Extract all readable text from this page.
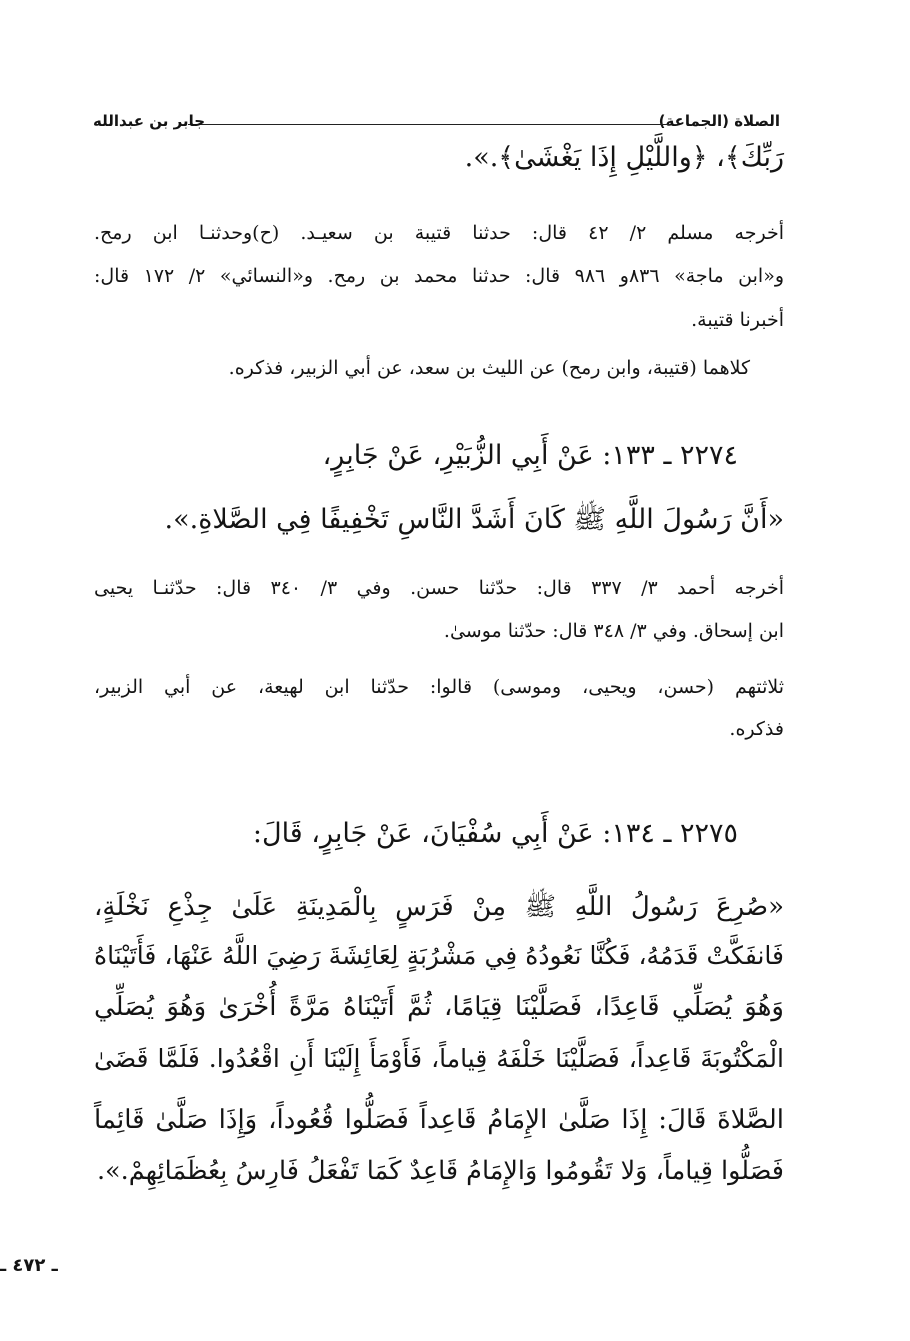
الصلاة (الجماعة)
جابر بن عبدالله
رَبِّكَ﴾، ﴿واللَّيْلِ إِذَا يَغْشَىٰ﴾.».
أخرجه مسلم ٢/ ٤٢ قال: حدثنا قتيبة بن سعيـد. (ح)وحدثنـا ابن رمح.
و«ابن ماجة» ٨٣٦و ٩٨٦ قال: حدثنا محمد بن رمح. و«النسائي» ٢/ ١٧٢ قال:
أخبرنا قتيبة.
كلاهما (قتيبة، وابن رمح) عن الليث بن سعد، عن أبي الزبير، فذكره.
٢٢٧٤ ـ ١٣٣: عَنْ أَبِي الزُّبَيْرِ، عَنْ جَابِرٍ،
«أَنَّ رَسُولَ اللَّهِ ﷺ كَانَ أَشَدَّ النَّاسِ تَخْفِيفًا فِي الصَّلاةِ.».
أخرجه أحمد ٣/ ٣٣٧ قال: حدّثنا حسن. وفي ٣/ ٣٤٠ قال: حدّثنـا يحيى
ابن إسحاق. وفي ٣/ ٣٤٨ قال: حدّثنا موسىٰ.
ثلاثتهم (حسن، ويحيى، وموسى) قالوا: حدّثنا ابن لهيعة، عن أبي الزبير،
فذكره.
٢٢٧٥ ـ ١٣٤: عَنْ أَبِي سُفْيَانَ، عَنْ جَابِرٍ، قَالَ:
«صُرِعَ رَسُولُ اللَّهِ ﷺ مِنْ فَرَسٍ بِالْمَدِينَةِ عَلَىٰ جِذْعِ نَخْلَةٍ،
فَانفَكَّتْ قَدَمُهُ، فَكُنَّا نَعُودُهُ فِي مَشْرُبَةٍ لِعَائِشَةَ رَضِيَ اللَّهُ عَنْهَا، فَأَتَيْنَاهُ
وَهُوَ يُصَلِّي قَاعِدًا، فَصَلَّيْنَا قِيَامًا، ثُمَّ أَتَيْنَاهُ مَرَّةً أُخْرَىٰ وَهُوَ يُصَلِّي
الْمَكْتُوبَةَ قَاعِداً، فَصَلَّيْنَا خَلْفَهُ قِياماً، فَأَوْمَأَ إِلَيْنَا أَنِ اقْعُدُوا. فَلَمَّا قَضَىٰ
الصَّلاةَ قَالَ: إِذَا صَلَّىٰ الإِمَامُ قَاعِداً فَصَلُّوا قُعُوداً، وَإِذَا صَلَّىٰ قَائِماً
فَصَلُّوا قِياماً، وَلا تَقُومُوا وَالإِمَامُ قَاعِدٌ كَمَا تَفْعَلُ فَارِسُ بِعُظَمَائِهِمْ.».
ـ ٤٧٢ ـ
